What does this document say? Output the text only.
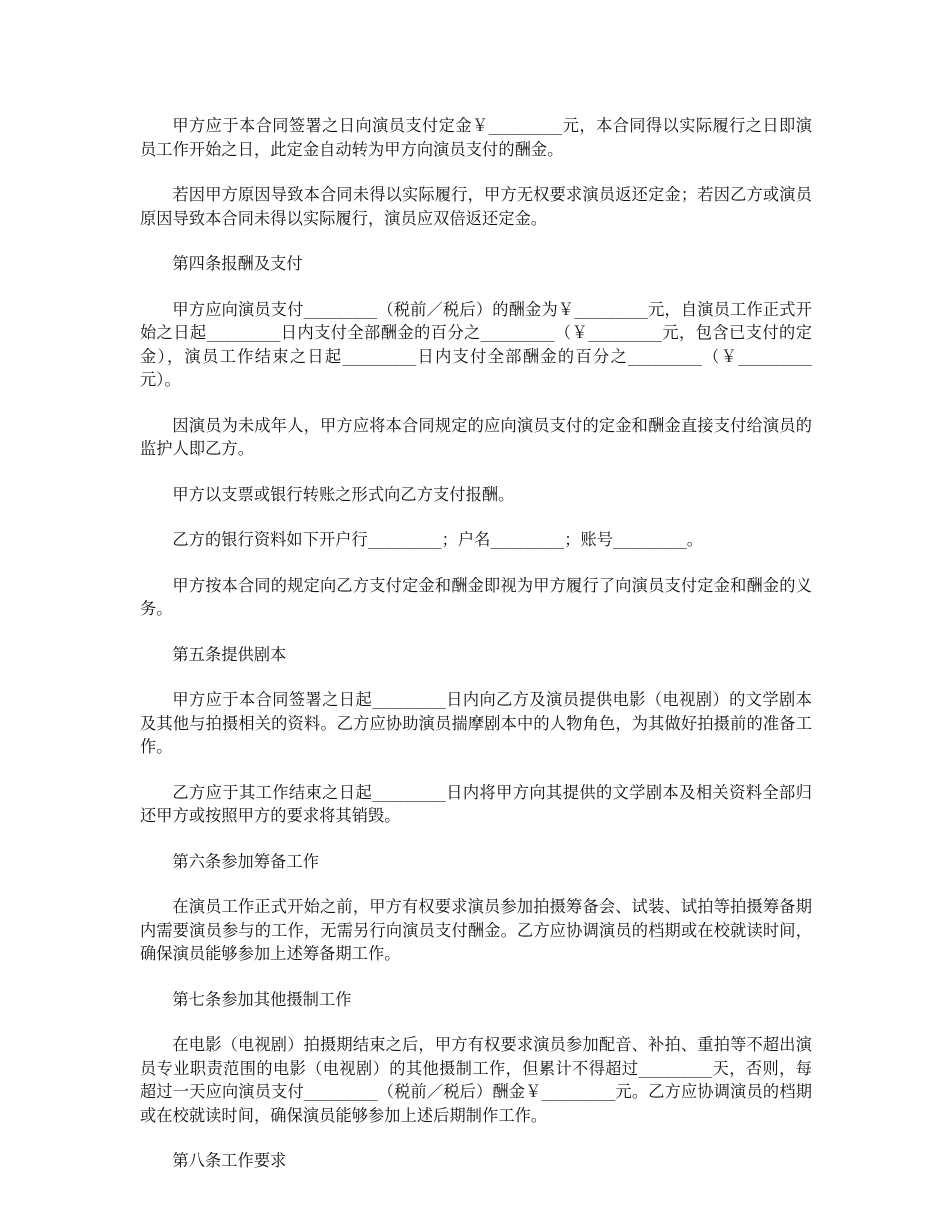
甲方应于本合同签署之日向演员支付定金￥_________元，本合同得以实际履行之日即演员工作开始之日，此定金自动转为甲方向演员支付的酬金。

若因甲方原因导致本合同未得以实际履行，甲方无权要求演员返还定金；若因乙方或演员原因导致本合同未得以实际履行，演员应双倍返还定金。

第四条报酬及支付

甲方应向演员支付_________（税前／税后）的酬金为￥_________元，自演员工作正式开始之日起_________日内支付全部酬金的百分之_________（￥_________元，包含已支付的定金），演员工作结束之日起_________日内支付全部酬金的百分之_________（￥_________元）。

因演员为未成年人，甲方应将本合同规定的应向演员支付的定金和酬金直接支付给演员的监护人即乙方。

甲方以支票或银行转账之形式向乙方支付报酬。

乙方的银行资料如下开户行_________；户名_________；账号_________。

甲方按本合同的规定向乙方支付定金和酬金即视为甲方履行了向演员支付定金和酬金的义务。

第五条提供剧本

甲方应于本合同签署之日起_________日内向乙方及演员提供电影（电视剧）的文学剧本及其他与拍摄相关的资料。乙方应协助演员揣摩剧本中的人物角色，为其做好拍摄前的准备工作。

乙方应于其工作结束之日起_________日内将甲方向其提供的文学剧本及相关资料全部归还甲方或按照甲方的要求将其销毁。

第六条参加筹备工作

在演员工作正式开始之前，甲方有权要求演员参加拍摄筹备会、试装、试拍等拍摄筹备期内需要演员参与的工作，无需另行向演员支付酬金。乙方应协调演员的档期或在校就读时间，确保演员能够参加上述筹备期工作。

第七条参加其他摄制工作

在电影（电视剧）拍摄期结束之后，甲方有权要求演员参加配音、补拍、重拍等不超出演员专业职责范围的电影（电视剧）的其他摄制工作，但累计不得超过_________天，否则，每超过一天应向演员支付_________（税前／税后）酬金￥_________元。乙方应协调演员的档期或在校就读时间，确保演员能够参加上述后期制作工作。

第八条工作要求
